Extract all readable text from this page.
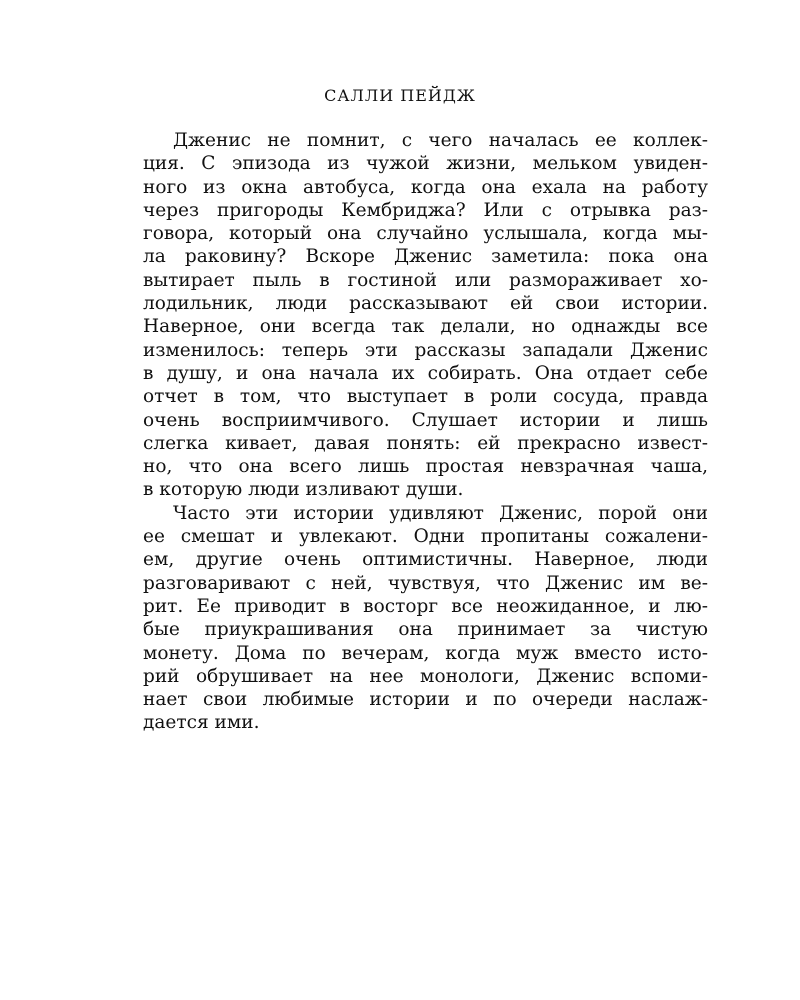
САЛЛИ ПЕЙДЖ
Дженис не помнит, с чего началась ее коллек-
ция. С эпизода из чужой жизни, мельком увиден-
ного из окна автобуса, когда она ехала на работу
через пригороды Кембриджа? Или с отрывка раз-
говора, который она случайно услышала, когда мы-
ла раковину? Вскоре Дженис заметила: пока она
вытирает пыль в гостиной или размораживает хо-
лодильник, люди рассказывают ей свои истории.
Наверное, они всегда так делали, но однажды все
изменилось: теперь эти рассказы западали Дженис
в душу, и она начала их собирать. Она отдает себе
отчет в том, что выступает в роли сосуда, правда
очень восприимчивого. Слушает истории и лишь
слегка кивает, давая понять: ей прекрасно извест-
но, что она всего лишь простая невзрачная чаша,
в которую люди изливают души.
Часто эти истории удивляют Дженис, порой они
ее смешат и увлекают. Одни пропитаны сожалени-
ем, другие очень оптимистичны. Наверное, люди
разговаривают с ней, чувствуя, что Дженис им ве-
рит. Ее приводит в восторг все неожиданное, и лю-
бые приукрашивания она принимает за чистую
монету. Дома по вечерам, когда муж вместо исто-
рий обрушивает на нее монологи, Дженис вспоми-
нает свои любимые истории и по очереди наслаж-
дается ими.
